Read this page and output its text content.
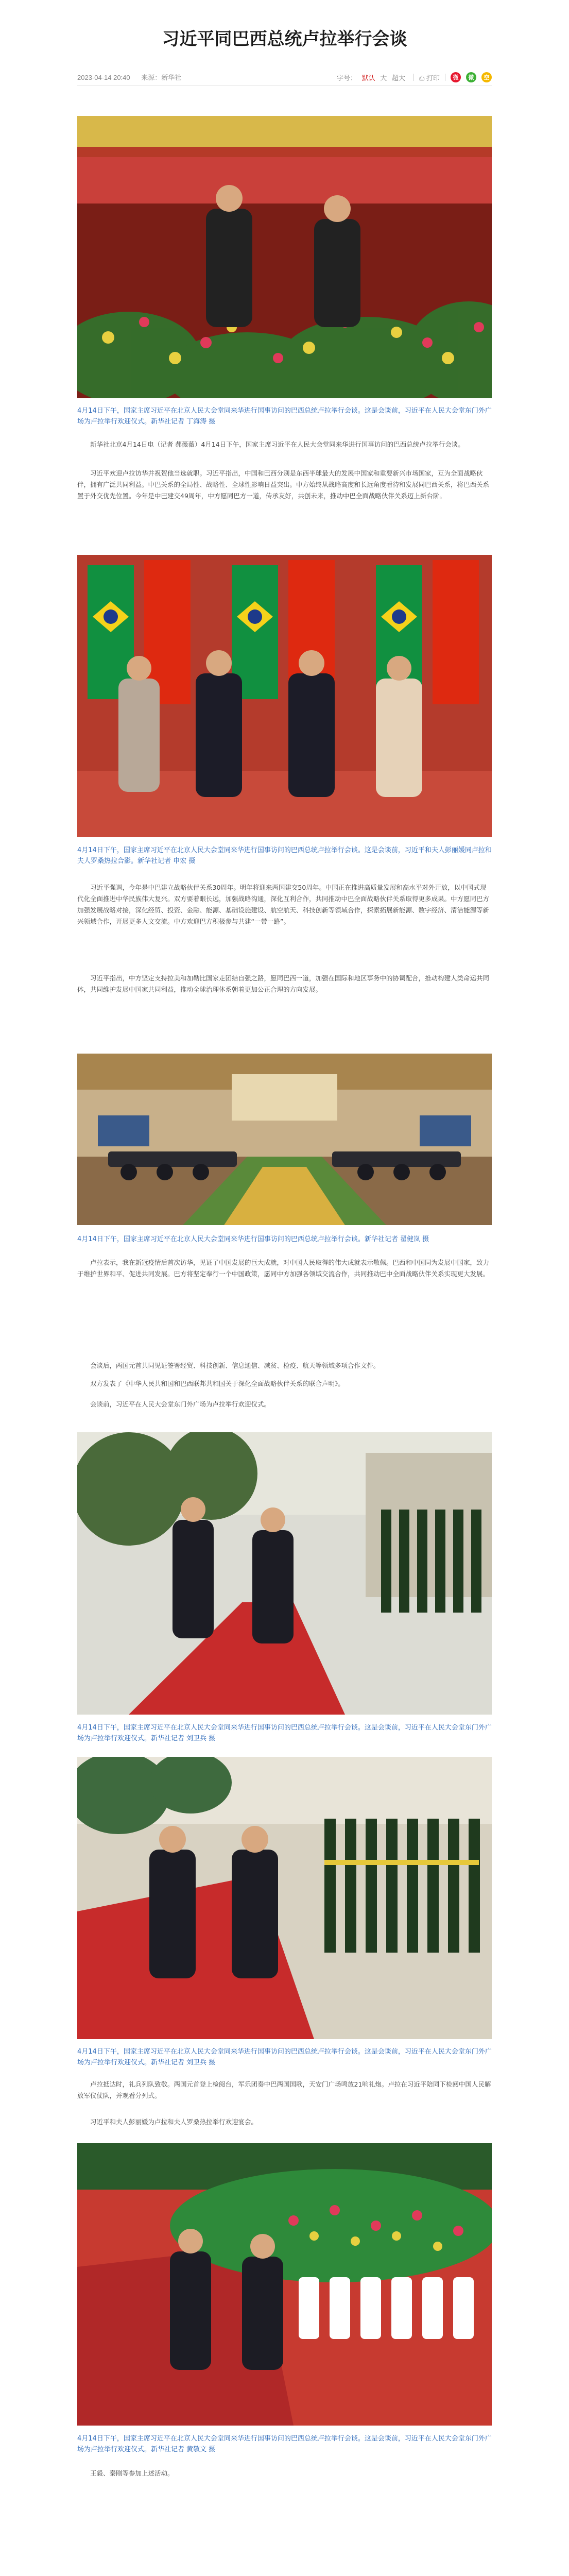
习近平同巴西总统卢拉举行会谈
2023-04-14 20:40 来源：新华社	字号： 默认 大 超大	⎙ 打印	微	微	空
4月14日下午，国家主席习近平在北京人民大会堂同来华进行国事访问的巴西总统卢拉举行会谈。这是会谈前，习近平在人民大会堂东门外广场为卢拉举行欢迎仪式。新华社记者 丁海涛 摄
新华社北京4月14日电（记者 郝薇薇）4月14日下午，国家主席习近平在人民大会堂同来华进行国事访问的巴西总统卢拉举行会谈。
习近平欢迎卢拉访华并祝贺他当选就职。习近平指出，中国和巴西分别是东西半球最大的发展中国家和重要新兴市场国家，互为全面战略伙伴，拥有广泛共同利益。中巴关系的全局性、战略性、全球性影响日益突出。中方始终从战略高度和长远角度看待和发展同巴西关系，将巴西关系置于外交优先位置。今年是中巴建交49周年，中方愿同巴方一道，传承友好，共创未来，推动中巴全面战略伙伴关系迈上新台阶。
4月14日下午，国家主席习近平在北京人民大会堂同来华进行国事访问的巴西总统卢拉举行会谈。这是会谈前，习近平和夫人彭丽媛同卢拉和夫人罗桑热拉合影。新华社记者 申宏 摄
习近平强调，今年是中巴建立战略伙伴关系30周年。明年将迎来两国建交50周年。中国正在推进高质量发展和高水平对外开放，以中国式现代化全面推进中华民族伟大复兴。双方要着眼长远，加强战略沟通，深化互利合作，共同推动中巴全面战略伙伴关系取得更多成果。中方愿同巴方加强发展战略对接，深化经贸、投资、金融、能源、基础设施建设、航空航天、科技创新等领域合作，探索拓展新能源、数字经济、清洁能源等新兴领域合作，开展更多人文交流。中方欢迎巴方积极参与共建“一带一路”。
习近平指出，中方坚定支持拉美和加勒比国家走团结自强之路，愿同巴西一道，加强在国际和地区事务中的协调配合，推动构建人类命运共同体，共同维护发展中国家共同利益，推动全球治理体系朝着更加公正合理的方向发展。
4月14日下午，国家主席习近平在北京人民大会堂同来华进行国事访问的巴西总统卢拉举行会谈。新华社记者 翟健岚 摄
卢拉表示，我在新冠疫情后首次访华，见证了中国发展的巨大成就，对中国人民取得的伟大成就表示敬佩。巴西和中国同为发展中国家，致力于维护世界和平、促进共同发展。巴方将坚定奉行一个中国政策，愿同中方加强各领域交流合作，共同推动巴中全面战略伙伴关系实现更大发展。
会谈后，两国元首共同见证签署经贸、科技创新、信息通信、减贫、检疫、航天等领域多项合作文件。
双方发表了《中华人民共和国和巴西联邦共和国关于深化全面战略伙伴关系的联合声明》。
会谈前，习近平在人民大会堂东门外广场为卢拉举行欢迎仪式。
4月14日下午，国家主席习近平在北京人民大会堂同来华进行国事访问的巴西总统卢拉举行会谈。这是会谈前，习近平在人民大会堂东门外广场为卢拉举行欢迎仪式。新华社记者 刘卫兵 摄
4月14日下午，国家主席习近平在北京人民大会堂同来华进行国事访问的巴西总统卢拉举行会谈。这是会谈前，习近平在人民大会堂东门外广场为卢拉举行欢迎仪式。新华社记者 刘卫兵 摄
卢拉抵达时，礼兵列队致敬。两国元首登上检阅台，军乐团奏中巴两国国歌，天安门广场鸣放21响礼炮。卢拉在习近平陪同下检阅中国人民解放军仪仗队，并观看分列式。
习近平和夫人彭丽媛为卢拉和夫人罗桑热拉举行欢迎宴会。
4月14日下午，国家主席习近平在北京人民大会堂同来华进行国事访问的巴西总统卢拉举行会谈。这是会谈前，习近平在人民大会堂东门外广场为卢拉举行欢迎仪式。新华社记者 黄敬文 摄
王毅、秦刚等参加上述活动。
